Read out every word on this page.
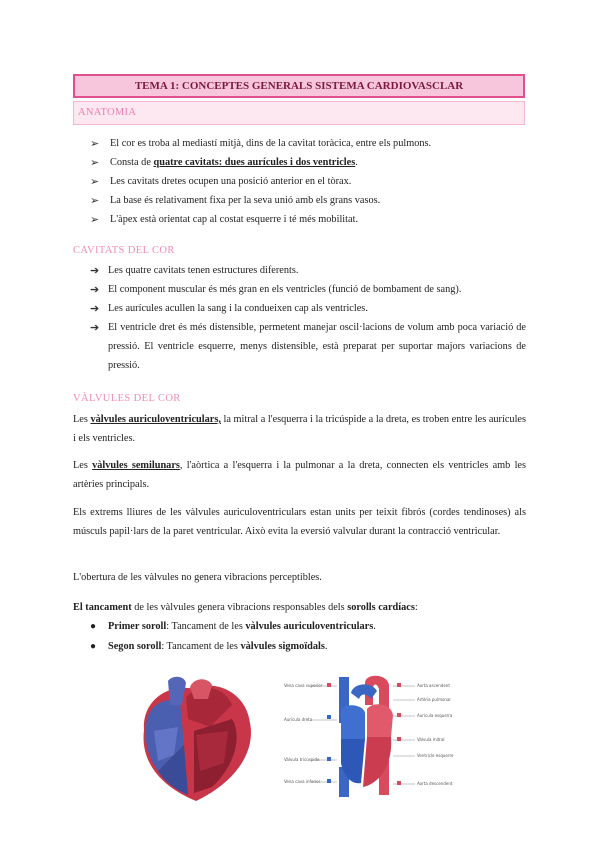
TEMA 1: CONCEPTES GENERALS SISTEMA CARDIOVASCLAR
ANATOMIA
➢	El cor es troba al mediastí mitjà, dins de la cavitat toràcica, entre els pulmons.
➢	Consta de quatre cavitats: dues aurícules i dos ventricles.
➢	Les cavitats dretes ocupen una posició anterior en el tòrax.
➢	La base és relativament fixa per la seva unió amb els grans vasos.
➢	L'àpex està orientat cap al costat esquerre i té més mobilitat.
CAVITATS DEL COR
➔ Les quatre cavitats tenen estructures diferents.
➔ El component muscular és més gran en els ventricles (funció de bombament de sang).
➔ Les aurícules acullen la sang i la condueixen cap als ventricles.
➔ El ventricle dret és més distensible, permetent manejar oscil·lacions de volum amb poca variació de pressió. El ventricle esquerre, menys distensible, està preparat per suportar majors variacions de pressió.
VÀLVULES DEL COR
Les vàlvules auriculoventriculars, la mitral a l'esquerra i la tricúspide a la dreta, es troben entre les aurícules i els ventricles.
Les vàlvules semilunars, l'aòrtica a l'esquerra i la pulmonar a la dreta, connecten els ventricles amb les artèries principals.
Els extrems lliures de les vàlvules auriculoventriculars estan units per teixit fibrós (cordes tendinoses) als músculs papil·lars de la paret ventricular. Això evita la eversió valvular durant la contracció ventricular.
L'obertura de les vàlvules no genera vibracions perceptibles.
El tancament de les vàlvules genera vibracions responsables dels sorolls cardíacs:
● Primer soroll: Tancament de les vàlvules auriculoventriculars.
● Segon soroll: Tancament de les vàlvules sigmoïdals.
Vena cava superior
Aurícula dreta
Vàlvula tricúspide
Vena cava inferior
Aorta ascendent
Artèria pulmonar
Aurícula esquerra
Vàlvula mitral
Ventricle esquerre
Aorta descendent
